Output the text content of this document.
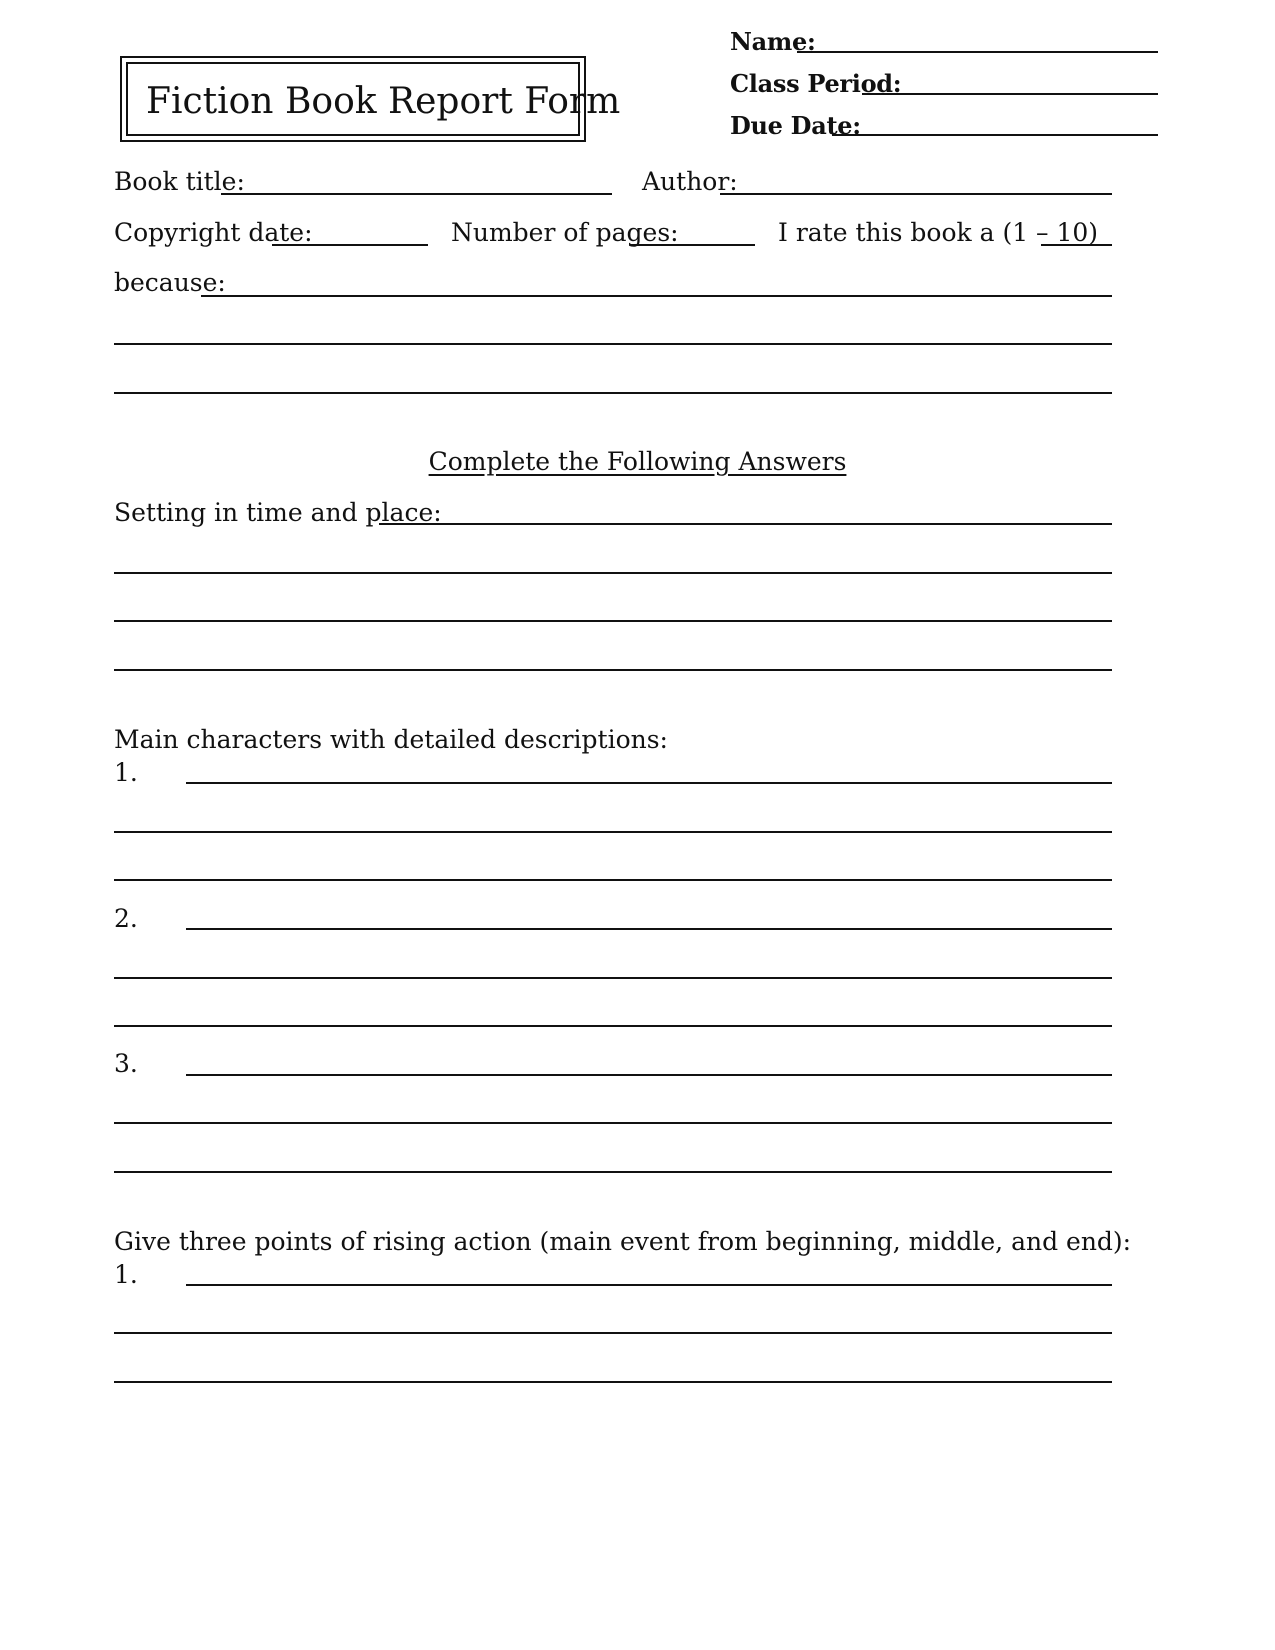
Fiction Book Report Form
Name:
Class Period:
Due Date:
Book title:	Author:
Copyright date:	Number of pages:	I rate this book a (1 – 10)
because:
Complete the Following Answers
Setting in time and place:
Main characters with detailed descriptions:
1.
2.
3.
Give three points of rising action (main event from beginning, middle, and end):
1.
